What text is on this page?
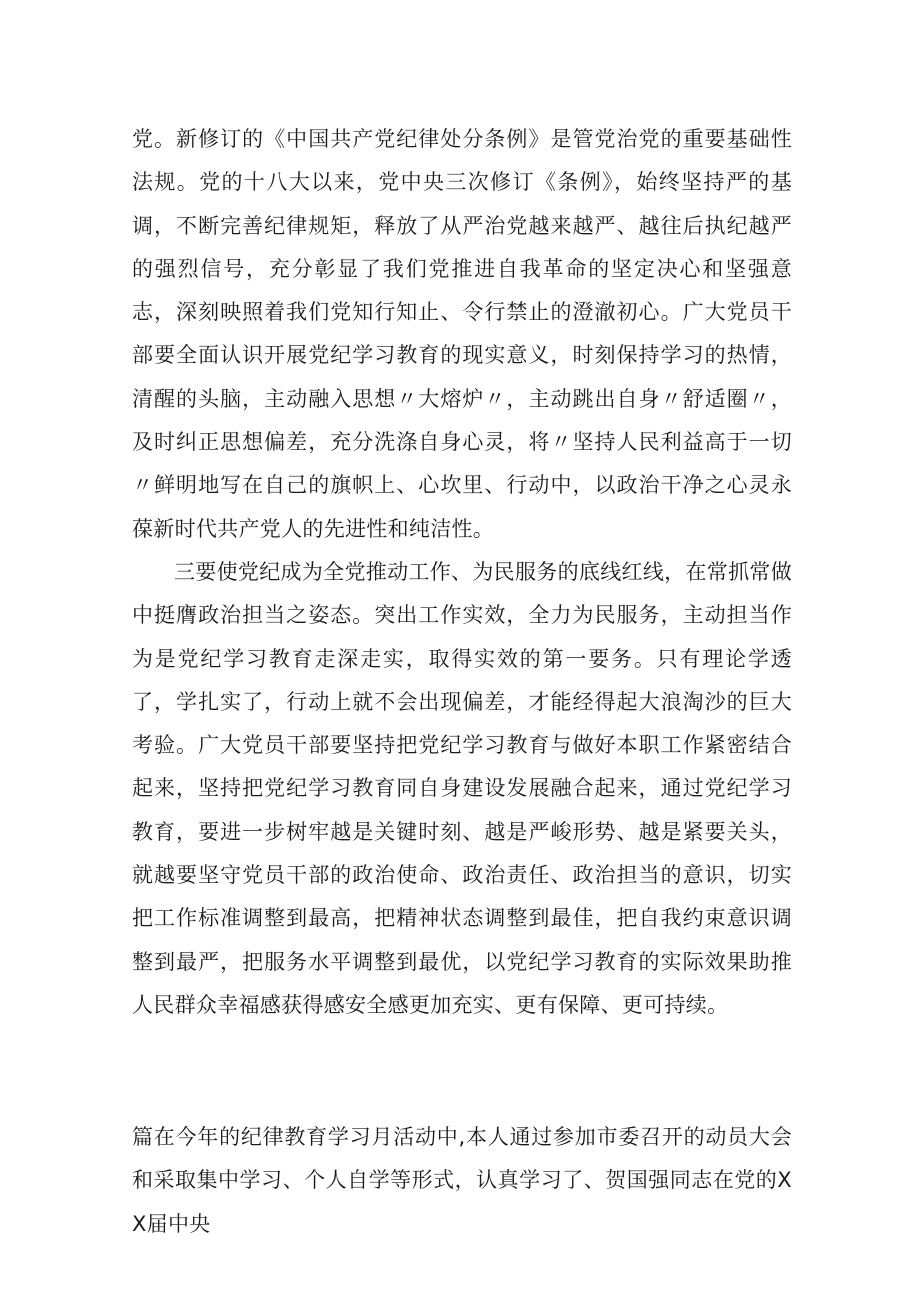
党。新修订的《中国共产党纪律处分条例》是管党治党的重要基础性法规。党的十八大以来，党中央三次修订《条例》，始终坚持严的基调，不断完善纪律规矩，释放了从严治党越来越严、越往后执纪越严的强烈信号，充分彰显了我们党推进自我革命的坚定决心和坚强意志，深刻映照着我们党知行知止、令行禁止的澄澈初心。广大党员干部要全面认识开展党纪学习教育的现实意义，时刻保持学习的热情，清醒的头脑，主动融入思想〃大熔炉〃，主动跳出自身〃舒适圈〃，及时纠正思想偏差，充分洗涤自身心灵，将〃坚持人民利益高于一切〃鲜明地写在自己的旗帜上、心坎里、行动中，以政治干净之心灵永葆新时代共产党人的先进性和纯洁性。

三要使党纪成为全党推动工作、为民服务的底线红线，在常抓常做中挺膺政治担当之姿态。突出工作实效，全力为民服务，主动担当作为是党纪学习教育走深走实，取得实效的第一要务。只有理论学透了，学扎实了，行动上就不会出现偏差，才能经得起大浪淘沙的巨大考验。广大党员干部要坚持把党纪学习教育与做好本职工作紧密结合起来，坚持把党纪学习教育同自身建设发展融合起来，通过党纪学习教育，要进一步树牢越是关键时刻、越是严峻形势、越是紧要关头，就越要坚守党员干部的政治使命、政治责任、政治担当的意识，切实把工作标准调整到最高，把精神状态调整到最佳，把自我约束意识调整到最严，把服务水平调整到最优，以党纪学习教育的实际效果助推人民群众幸福感获得感安全感更加充实、更有保障、更可持续。

篇在今年的纪律教育学习月活动中,本人通过参加市委召开的动员大会和采取集中学习、个人自学等形式，认真学习了、贺国强同志在党的XX届中央
